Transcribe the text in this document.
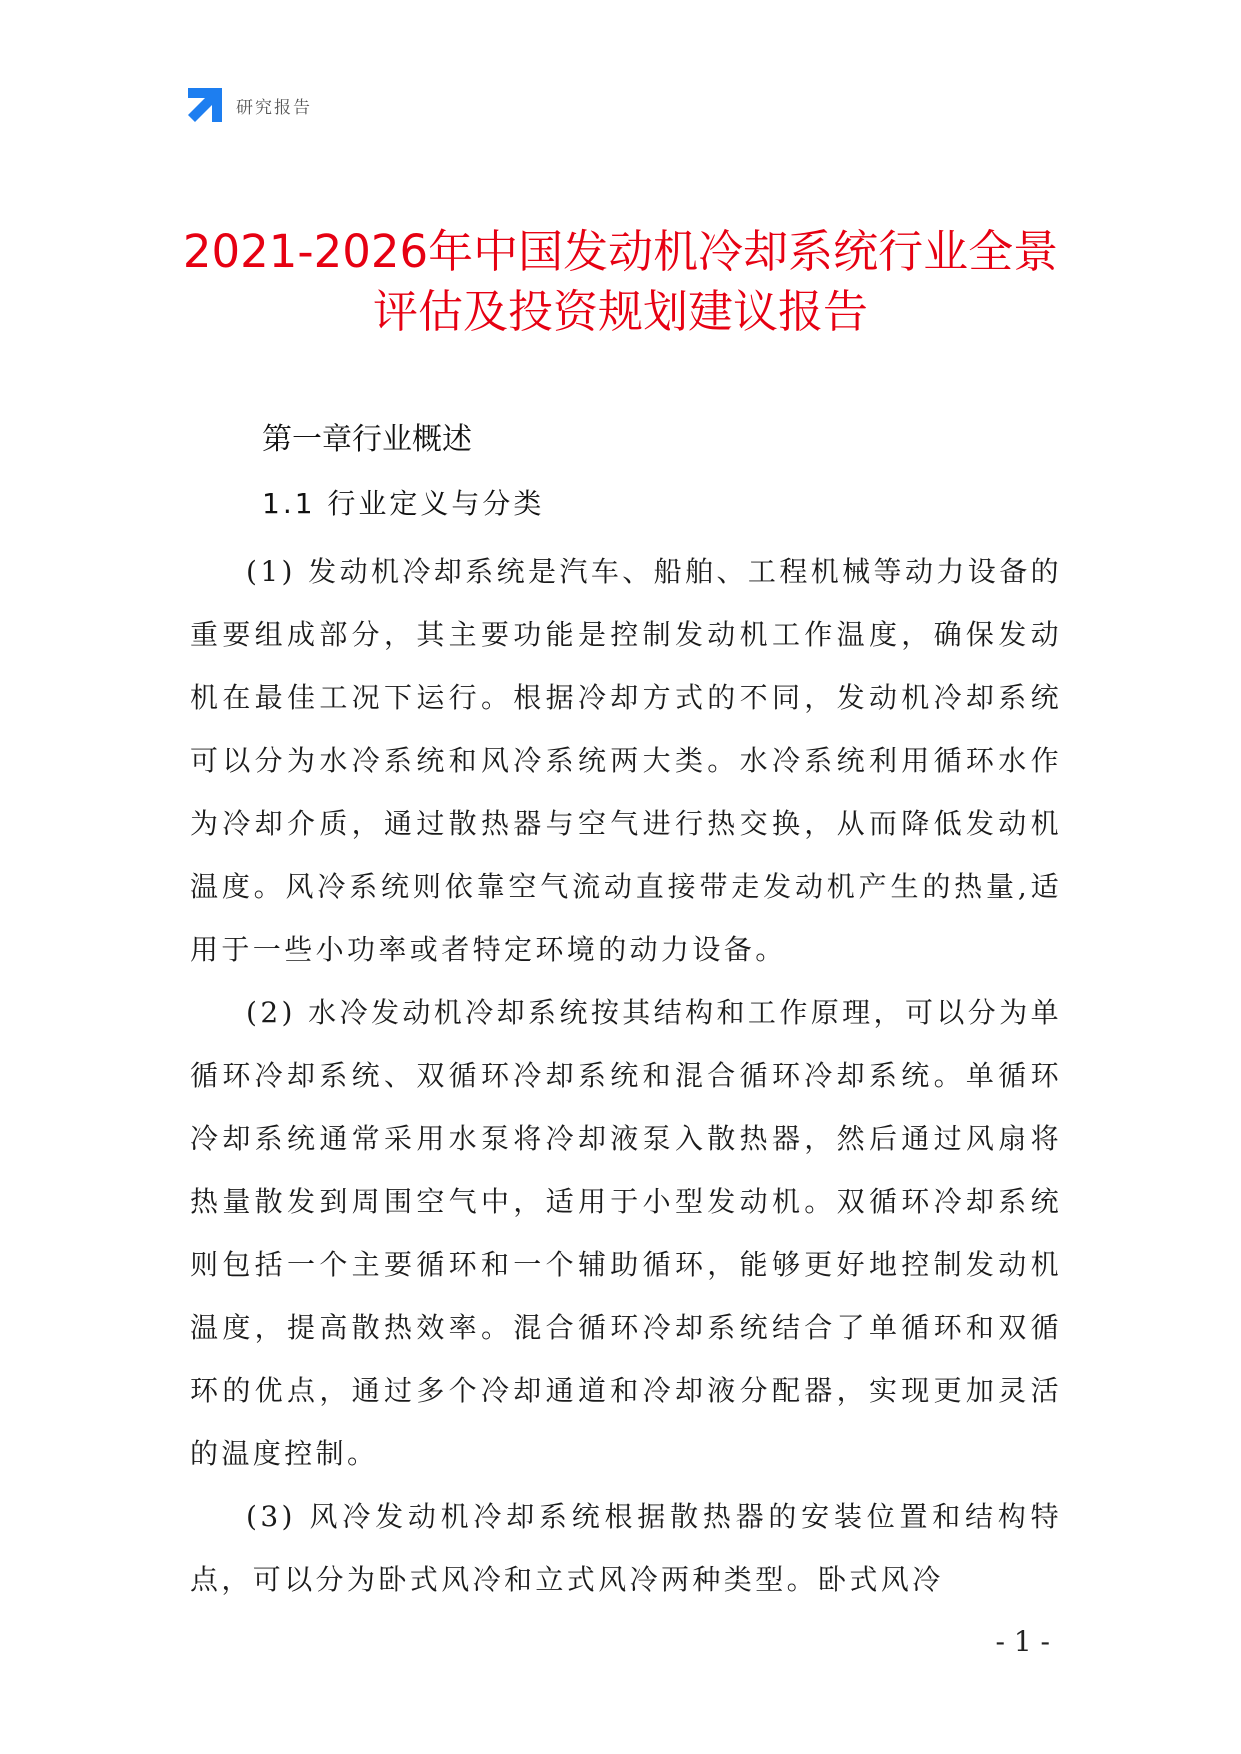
研究报告
2021-2026年中国发动机冷却系统行业全景评估及投资规划建议报告
第一章行业概述
1.1 行业定义与分类

(1) 发动机冷却系统是汽车、船舶、工程机械等动力设备的重要组成部分，其主要功能是控制发动机工作温度，确保发动机在最佳工况下运行。根据冷却方式的不同，发动机冷却系统可以分为水冷系统和风冷系统两大类。水冷系统利用循环水作为冷却介质，通过散热器与空气进行热交换，从而降低发动机温度。风冷系统则依靠空气流动直接带走发动机产生的热量,适用于一些小功率或者特定环境的动力设备。

(2) 水冷发动机冷却系统按其结构和工作原理，可以分为单循环冷却系统、双循环冷却系统和混合循环冷却系统。单循环冷却系统通常采用水泵将冷却液泵入散热器，然后通过风扇将热量散发到周围空气中，适用于小型发动机。双循环冷却系统则包括一个主要循环和一个辅助循环，能够更好地控制发动机温度，提高散热效率。混合循环冷却系统结合了单循环和双循环的优点，通过多个冷却通道和冷却液分配器，实现更加灵活的温度控制。

(3) 风冷发动机冷却系统根据散热器的安装位置和结构特点，可以分为卧式风冷和立式风冷两种类型。卧式风冷

- 1 -
